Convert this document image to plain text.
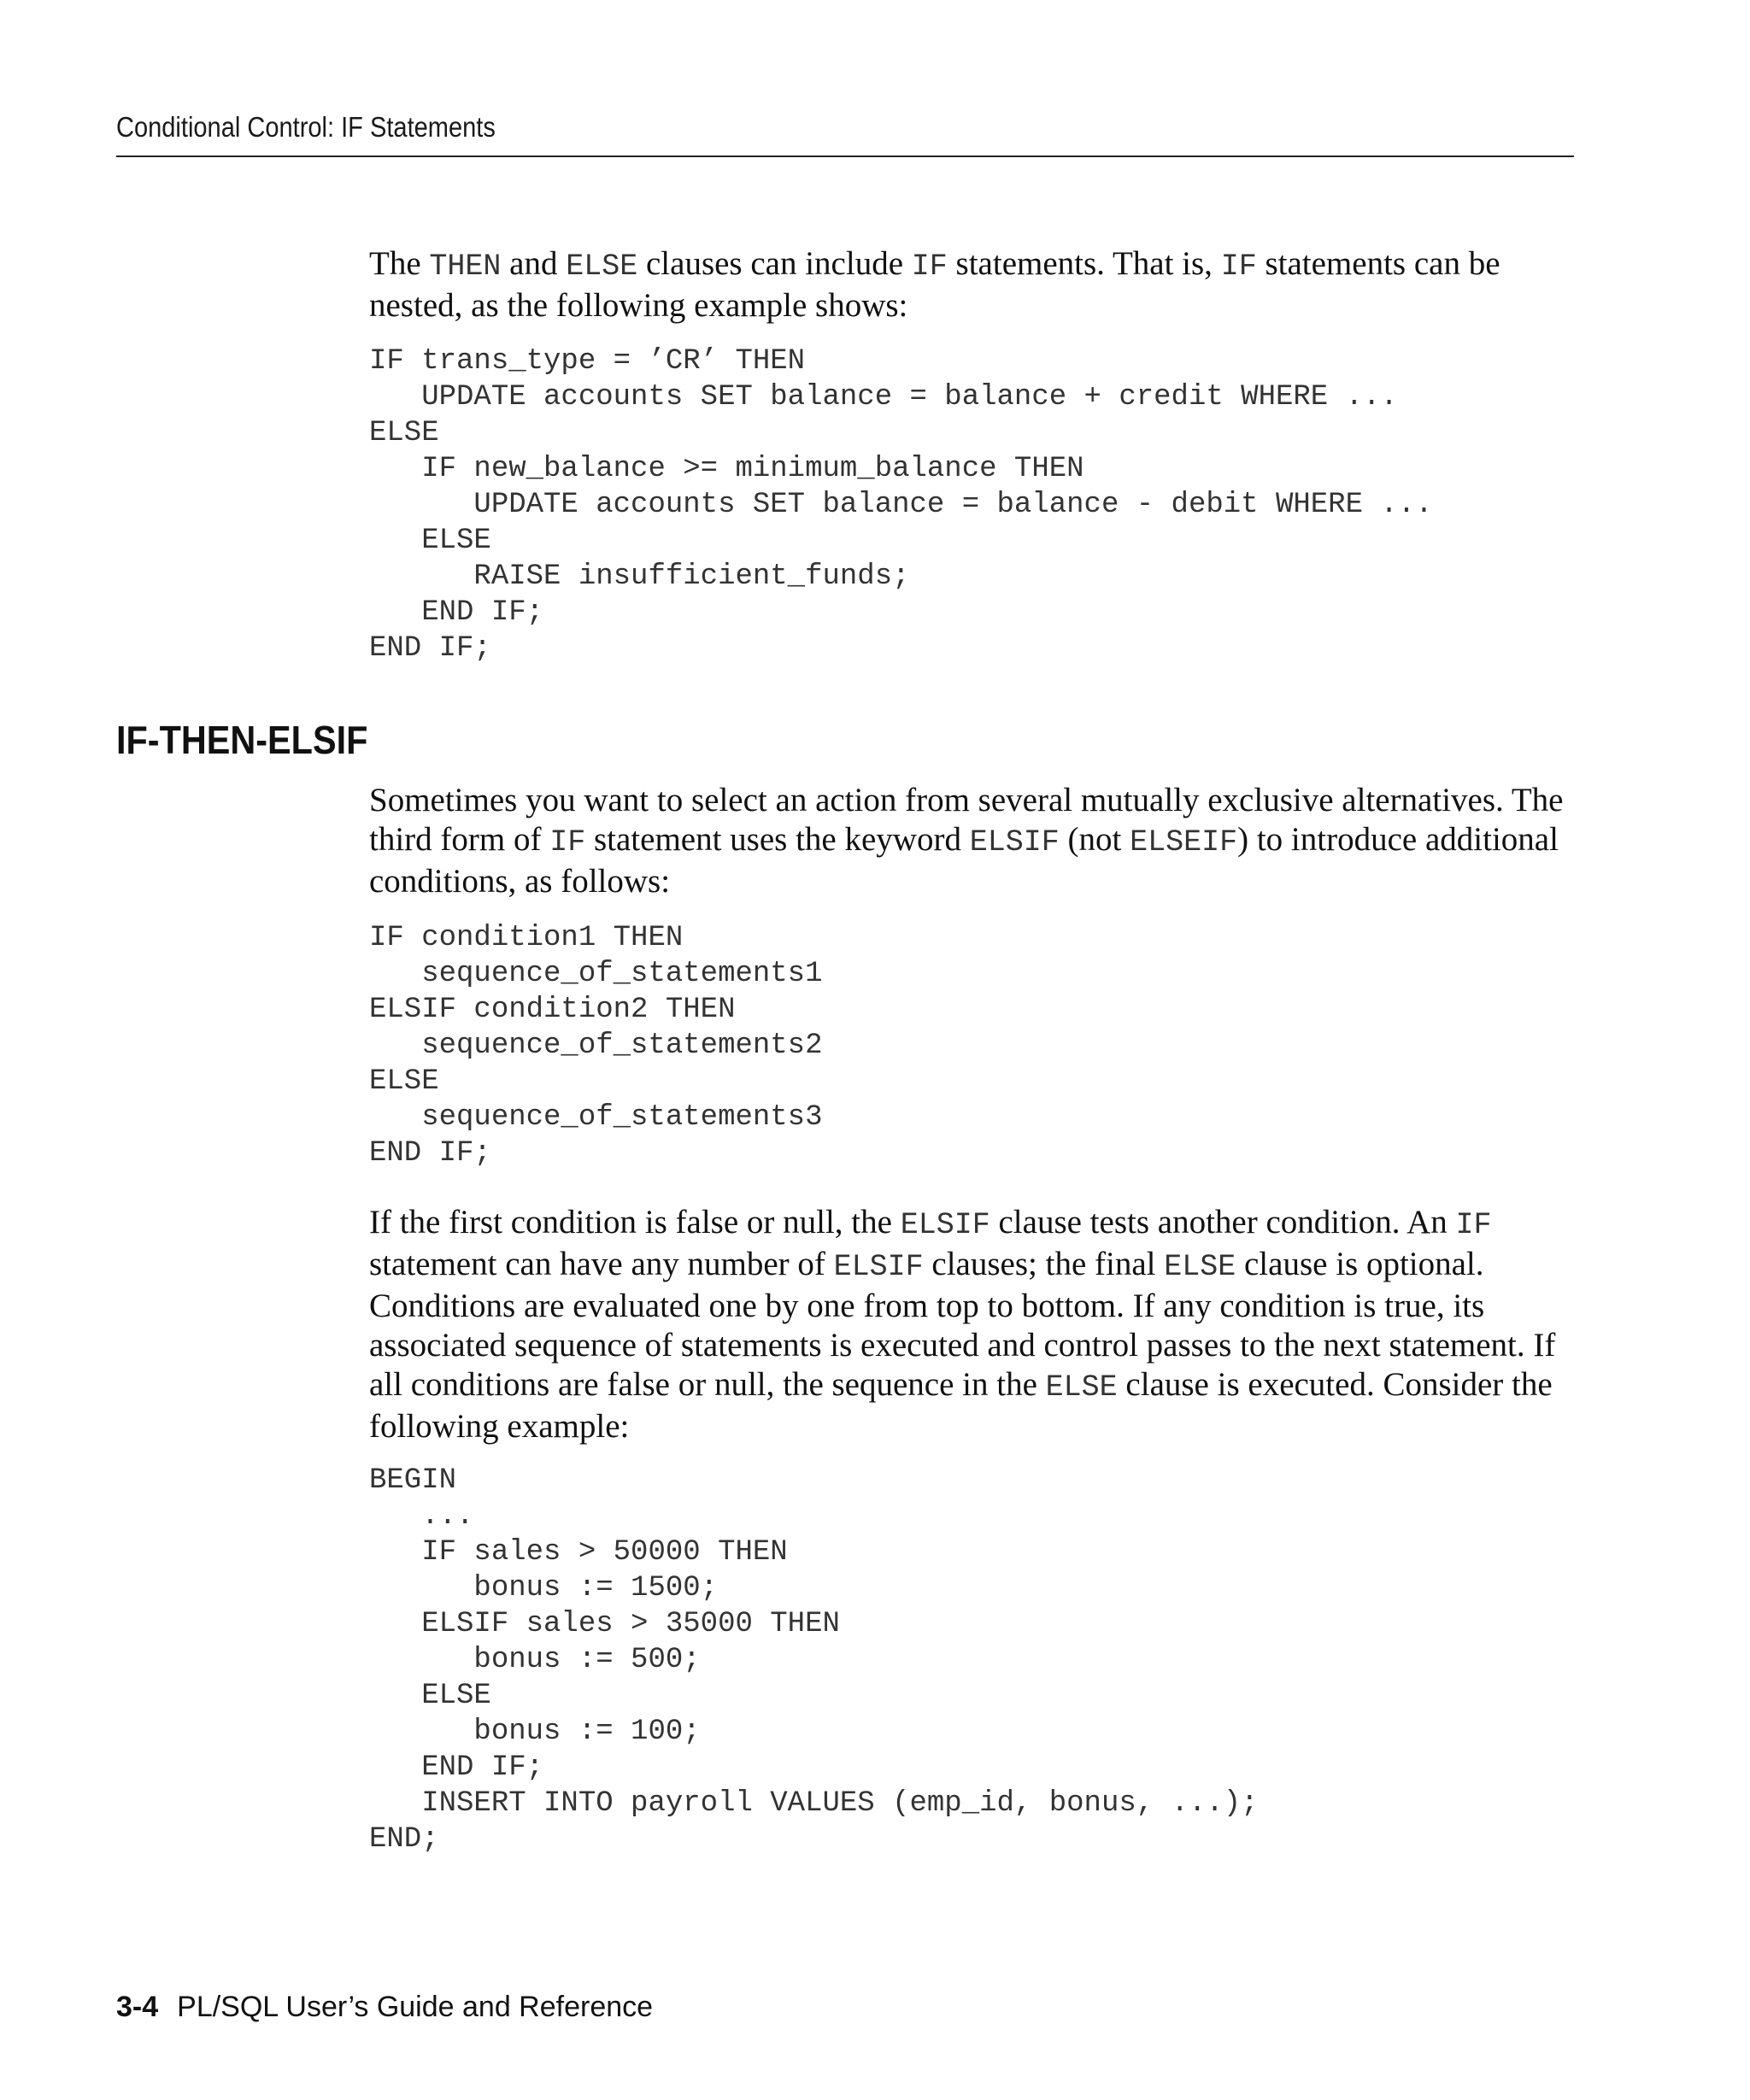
Conditional Control: IF Statements

The THEN and ELSE clauses can include IF statements. That is, IF statements can be nested, as the following example shows:

IF trans_type = ’CR’ THEN
UPDATE accounts SET balance = balance + credit WHERE ...
ELSE
IF new_balance >= minimum_balance THEN
UPDATE accounts SET balance = balance - debit WHERE ...
ELSE
RAISE insufficient_funds;
END IF;
END IF;
IF-THEN-ELSIF

Sometimes you want to select an action from several mutually exclusive alternatives. The third form of IF statement uses the keyword ELSIF (not ELSEIF) to introduce additional conditions, as follows:

IF condition1 THEN
sequence_of_statements1
ELSIF condition2 THEN
sequence_of_statements2
ELSE
sequence_of_statements3
END IF;

If the first condition is false or null, the ELSIF clause tests another condition. An IF statement can have any number of ELSIF clauses; the final ELSE clause is optional. Conditions are evaluated one by one from top to bottom. If any condition is true, its associated sequence of statements is executed and control passes to the next statement. If all conditions are false or null, the sequence in the ELSE clause is executed. Consider the following example:

BEGIN
...
IF sales > 50000 THEN
bonus := 1500;
ELSIF sales > 35000 THEN
bonus := 500;
ELSE
bonus := 100;
END IF;
INSERT INTO payroll VALUES (emp_id, bonus, ...);
END;
3-4 PL/SQL User’s Guide and Reference
